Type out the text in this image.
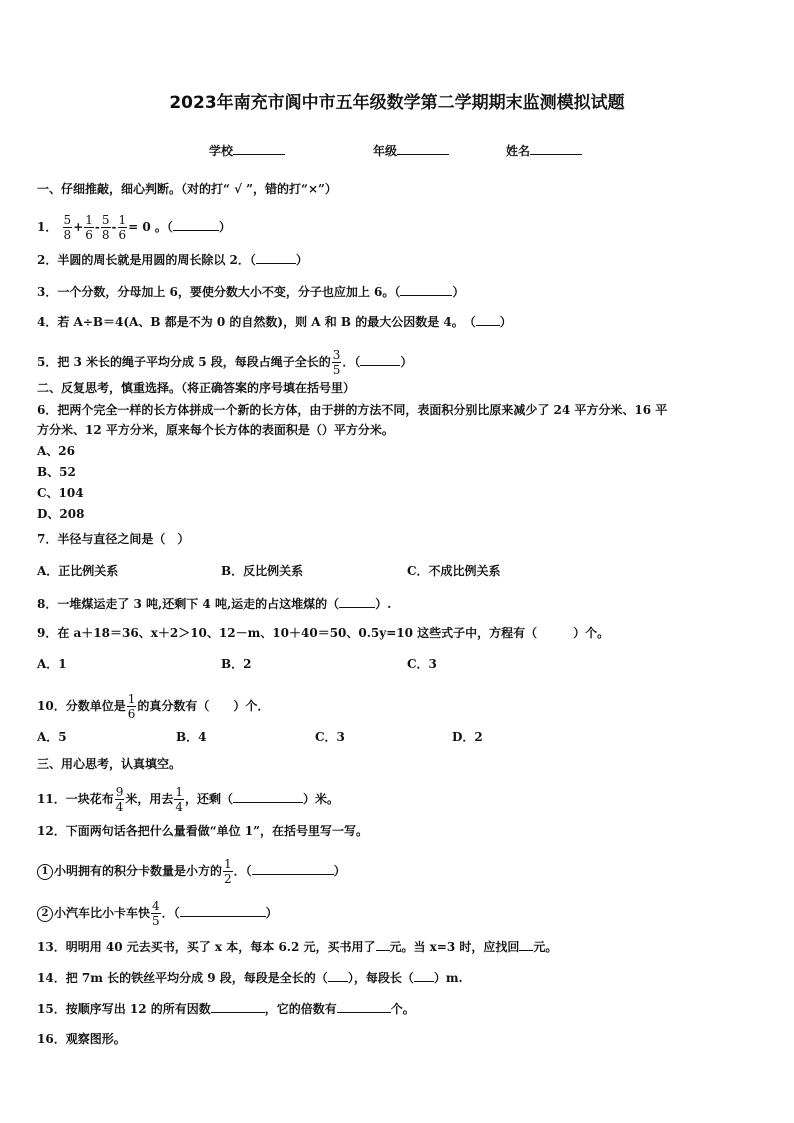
2023年南充市阆中市五年级数学第二学期期末监测模拟试题
学校	年级	姓名
一、仔细推敲，细心判断。（对的打“ √ ”，错的打“×”）
1． $\frac{5}{8} + \frac{1}{6} - \frac{5}{8} - \frac{1}{6} = 0$ 。（	）
2．半圆的周长就是用圆的周长除以 2．（	）
3．一个分数，分母加上 6，要使分数大小不变，分子也应加上 6。（	）
4．若 A÷B＝4(A、B 都是不为 0 的自然数)，则 A 和 B 的最大公因数是 4。　（ ）
5．把 3 米长的绳子平均分成 5 段，每段占绳子全长的 $\frac{3}{5}$ ．（	）
二、反复思考，慎重选择。（将正确答案的序号填在括号里）
6．把两个完全一样的长方体拼成一个新的长方体，由于拼的方法不同，表面积分别比原来减少了 24 平方分米、16 平
方分米、12 平方分米，原来每个长方体的表面积是（）平方分米。
A、26
B、52
C、104
D、208
7．半径与直径之间是（　）
A．正比例关系	B．反比例关系	C．不成比例关系
8．一堆煤运走了 3 吨,还剩下 4 吨,运走的占这堆煤的（	）.
9．在 a＋18＝36、x＋2＞10、12－m、10＋40＝50、0.5y=10 这些式子中，方程有（　　　）个。
A．1	B．2	C．3
10．分数单位是 $\frac{1}{6}$ 的真分数有（　　）个．
A．5	B．4	C．3	D．2
三、用心思考，认真填空。
11．一块花布 $\frac{9}{4}$ 米，用去 $\frac{1}{4}$ ，还剩（	）米。
12．下面两句话各把什么量看做“单位 1”，在括号里写一写。
1 小明拥有的积分卡数量是小方的 $\frac{1}{2}$ ．（	）
2 小汽车比小卡车快 $\frac{4}{5}$ ．（	）
13．明明用 40 元去买书，买了 x 本，每本 6.2 元，买书用了 元。当 x=3 时，应找回 元。
14．把 7m 长的铁丝平均分成 9 段，每段是全长的（ ），每段长（ ）m.
15．按顺序写出 12 的所有因数	，它的倍数有	个。
16．观察图形。
